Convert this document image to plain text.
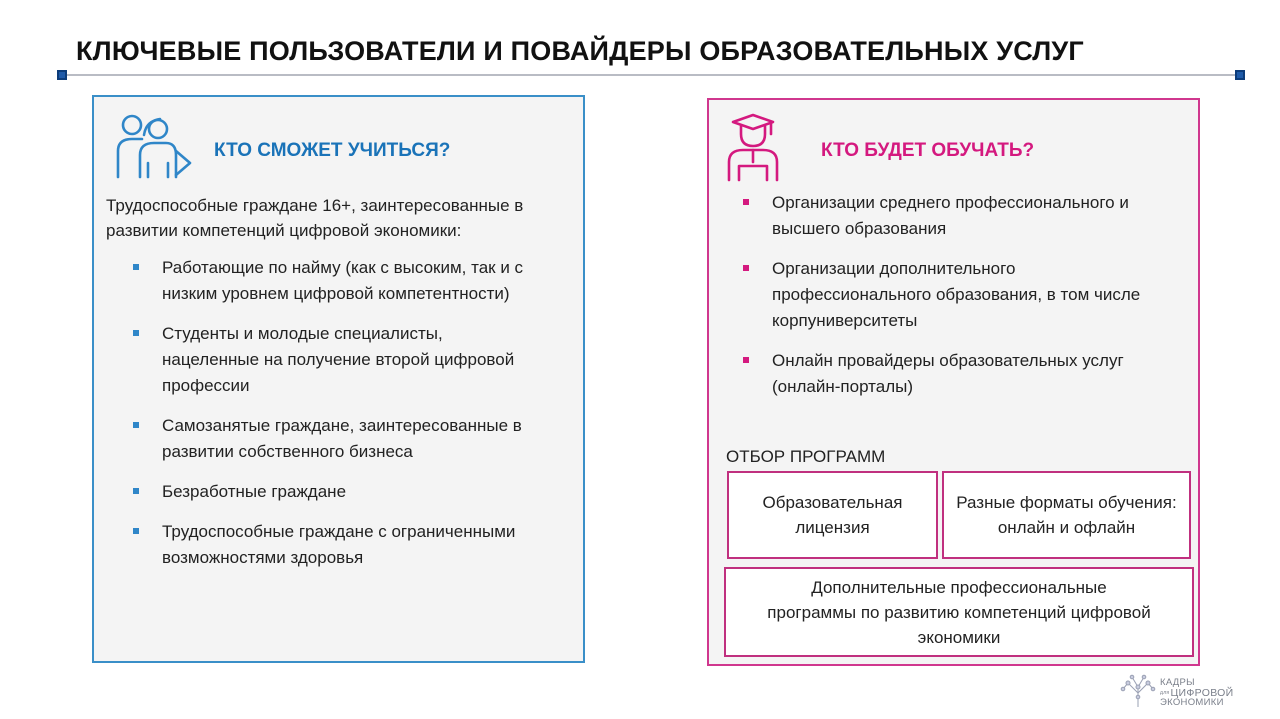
КЛЮЧЕВЫЕ ПОЛЬЗОВАТЕЛИ И ПОВАЙДЕРЫ ОБРАЗОВАТЕЛЬНЫХ УСЛУГ
КТО СМОЖЕТ УЧИТЬСЯ?
Трудоспособные граждане 16+, заинтересованные в развитии компетенций цифровой экономики:
Работающие по найму (как с высоким, так и с низким уровнем цифровой компетентности)
Студенты и молодые специалисты, нацеленные на получение второй цифровой профессии
Самозанятые граждане, заинтересованные в развитии собственного бизнеса
Безработные граждане
Трудоспособные граждане с ограниченными возможностями здоровья
КТО БУДЕТ ОБУЧАТЬ?
Организации среднего профессионального и высшего образования
Организации дополнительного профессионального образования, в том числе корпуниверситеты
Онлайн провайдеры образовательных услуг (онлайн-порталы)
ОТБОР ПРОГРАММ
Образовательная лицензия
Разные форматы обучения: онлайн и офлайн
Дополнительные профессиональные программы по развитию компетенций цифровой экономики
КАДРЫ
дляЦИФРОВОЙ
ЭКОНОМИКИ
